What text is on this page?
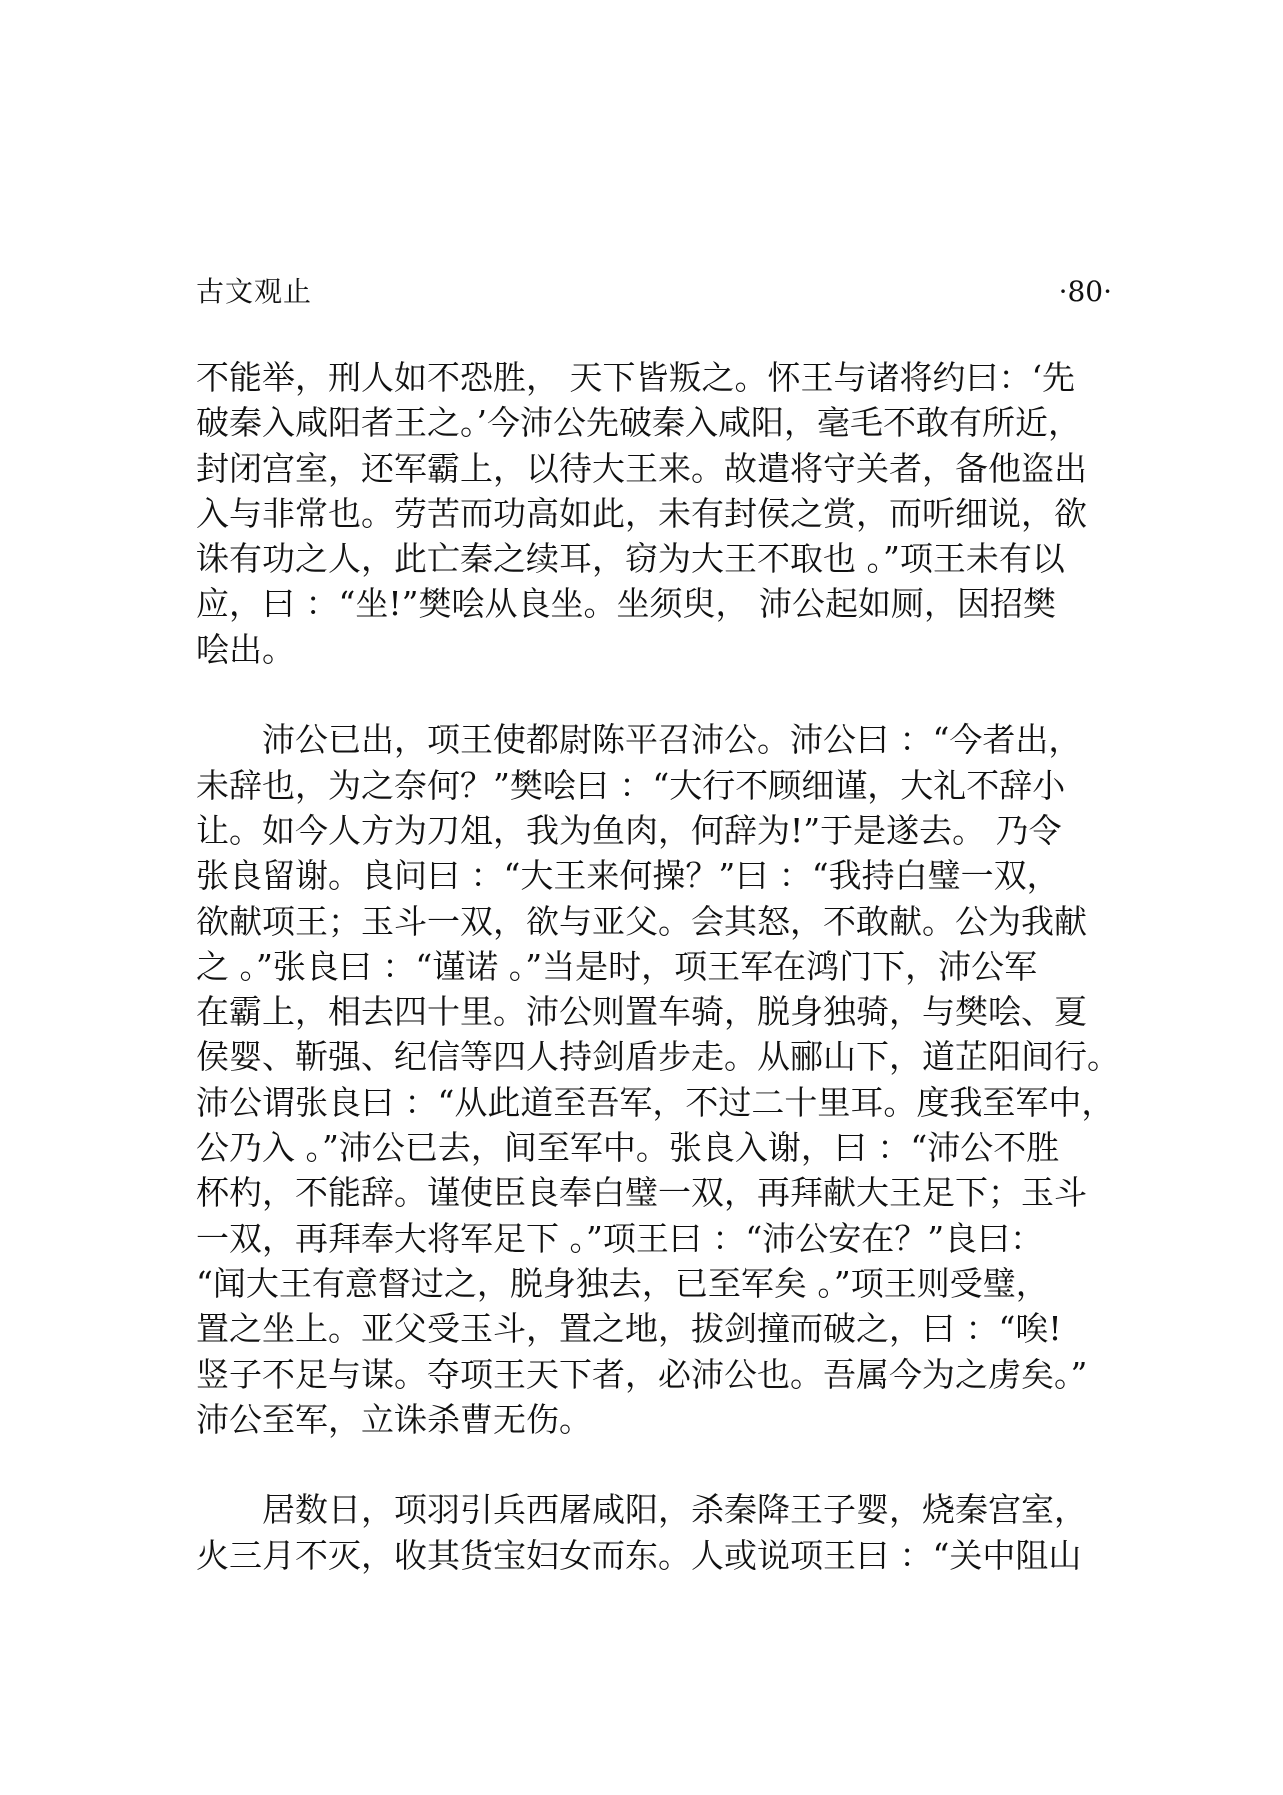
古文观止	·80·
不能举，刑人如不恐胜， 天下皆叛之。怀王与诸将约曰：‘先
破秦入咸阳者王之。’今沛公先破秦入咸阳，毫毛不敢有所近，
封闭宫室，还军霸上，以待大王来。故遣将守关者，备他盗出
入与非常也。劳苦而功高如此，未有封侯之赏，而听细说，欲
诛有功之人，此亡秦之续耳，窃为大王不取也 。”项王未有以
应，曰 ：“坐!”樊哙从良坐。坐须臾， 沛公起如厕，因招樊
哙出。
　　沛公已出，项王使都尉陈平召沛公。沛公曰 ：“今者出，
未辞也，为之奈何？”樊哙曰 ：“大行不顾细谨，大礼不辞小
让。如今人方为刀俎，我为鱼肉，何辞为!”于是遂去。 乃令
张良留谢。良问曰 ：“大王来何操？”曰 ：“我持白璧一双，
欲献项王；玉斗一双，欲与亚父。会其怒，不敢献。公为我献
之 。”张良曰 ：“谨诺 。”当是时，项王军在鸿门下，沛公军
在霸上，相去四十里。沛公则置车骑，脱身独骑，与樊哙、夏
侯婴、靳强、纪信等四人持剑盾步走。从郦山下，道芷阳间行。
沛公谓张良曰 ：“从此道至吾军，不过二十里耳。度我至军中，
公乃入 。”沛公已去，间至军中。张良入谢，曰 ：“沛公不胜
杯杓，不能辞。谨使臣良奉白璧一双，再拜献大王足下；玉斗
一双，再拜奉大将军足下 。”项王曰 ：“沛公安在？”良曰：
“闻大王有意督过之，脱身独去，已至军矣 。”项王则受璧，
置之坐上。亚父受玉斗，置之地，拔剑撞而破之，曰 ：“唉!
竖子不足与谋。夺项王天下者，必沛公也。吾属今为之虏矣。”
沛公至军，立诛杀曹无伤。
　　居数日，项羽引兵西屠咸阳，杀秦降王子婴，烧秦宫室，
火三月不灭，收其货宝妇女而东。人或说项王曰 ：“关中阻山
